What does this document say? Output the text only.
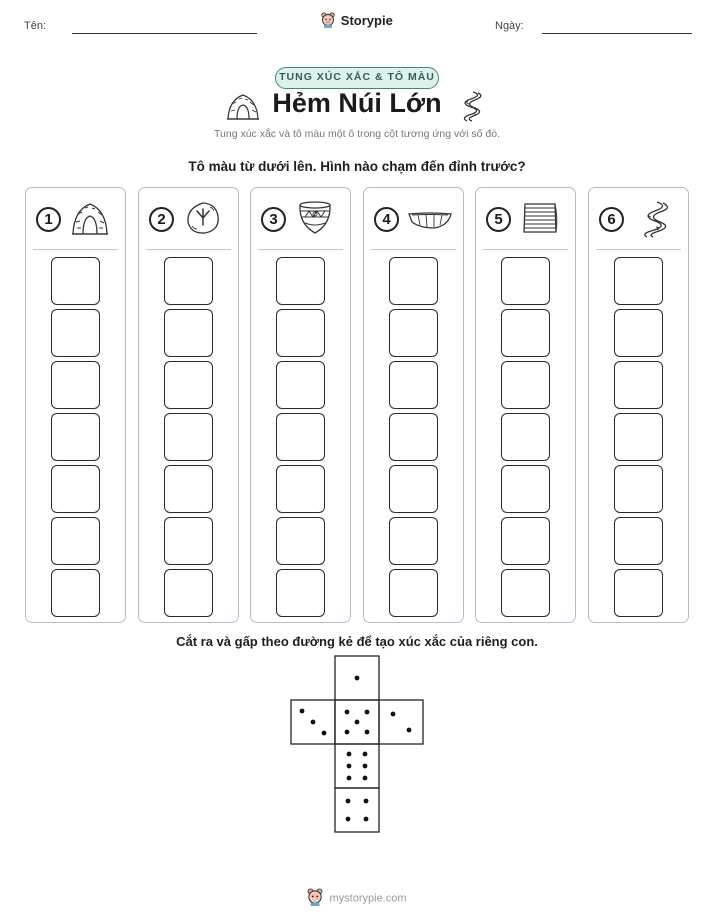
Tên:	Ngày:
Storypie
TUNG XÚC XẮC & TÔ MÀU
Hẻm Núi Lớn
Tung xúc xắc và tô màu một ô trong cột tương ứng với số đó.
Tô màu từ dưới lên. Hình nào chạm đến đỉnh trước?
1	2	3	4	5	6
Cắt ra và gấp theo đường kẻ để tạo xúc xắc của riêng con.
mystorypie.com
